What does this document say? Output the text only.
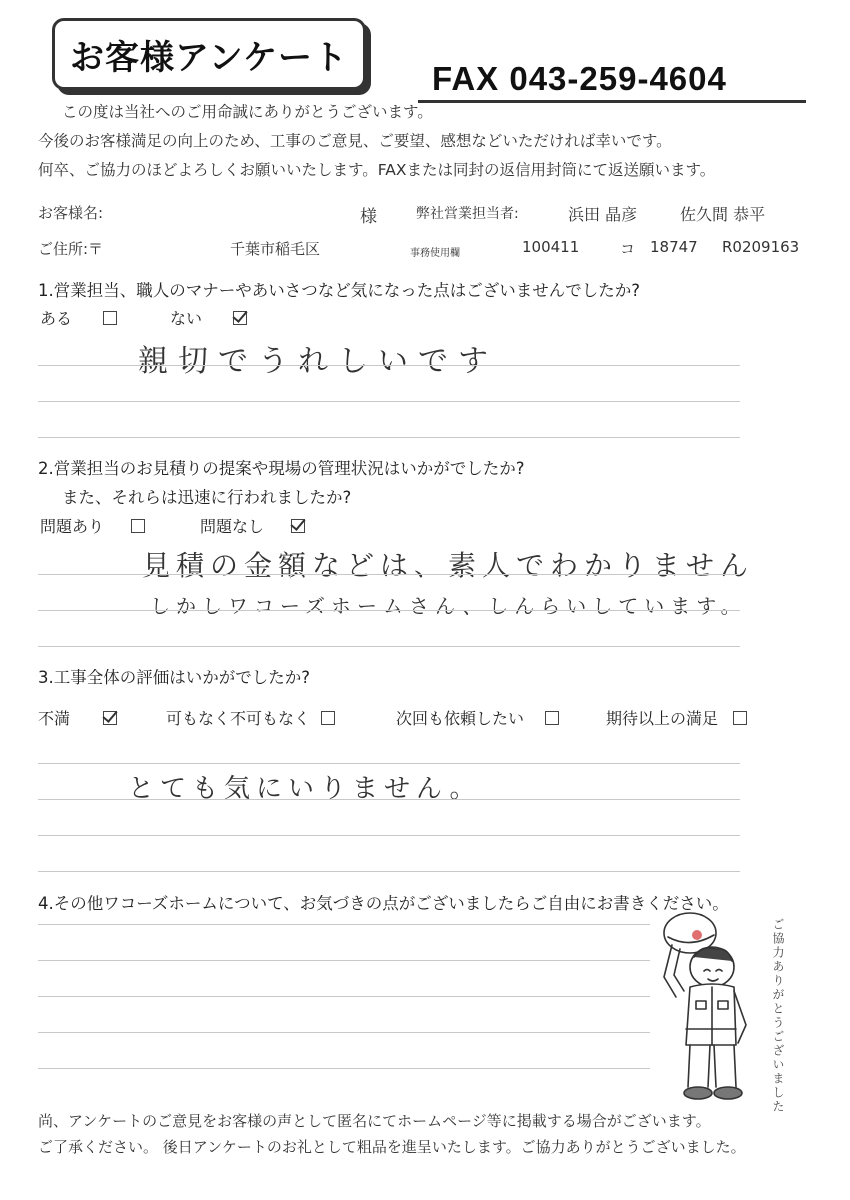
お客様アンケート
FAX 043-259-4604
この度は当社へのご用命誠にありがとうございます。
今後のお客様満足の向上のため、工事のご意見、ご要望、感想などいただければ幸いです。
何卒、ご協力のほどよろしくお願いいたします。FAXまたは同封の返信用封筒にて返送願います。
お客様名:	様	弊社営業担当者:	浜田 晶彦	佐久間 恭平
ご住所:〒	千葉市稲毛区	事務使用欄	100411	コ 18747 R0209163
1.営業担当、職人のマナーやあいさつなど気になった点はございませんでしたか?
ある	ない
親切でうれしいです
2.営業担当のお見積りの提案や現場の管理状況はいかがでしたか?
また、それらは迅速に行われましたか?
問題あり	問題なし
見積の金額などは、素人でわかりません
しかしワコーズホームさん、しんらいしています。
3.工事全体の評価はいかがでしたか?
不満	可もなく不可もなく	次回も依頼したい	期待以上の満足
とても気にいりません。
4.その他ワコーズホームについて、お気づきの点がございましたらご自由にお書きください。
ご協力ありがとうございました
尚、アンケートのご意見をお客様の声として匿名にてホームページ等に掲載する場合がございます。
ご了承ください。 後日アンケートのお礼として粗品を進呈いたします。ご協力ありがとうございました。
